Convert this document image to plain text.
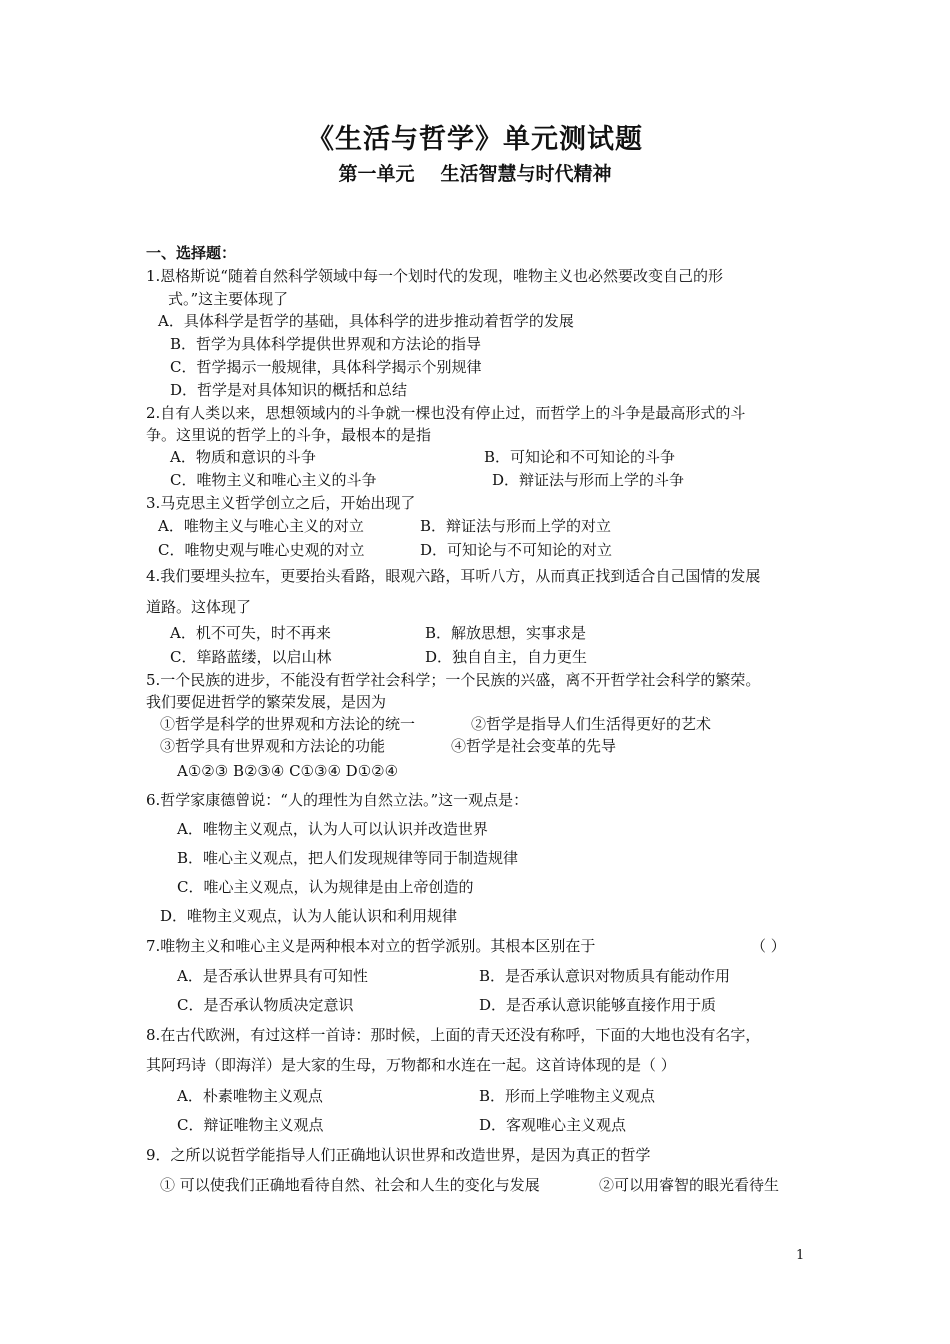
《生活与哲学》单元测试题
第一单元 生活智慧与时代精神
一、选择题：
1.恩格斯说“随着自然科学领域中每一个划时代的发现，唯物主义也必然要改变自己的形
式。”这主要体现了
A．具体科学是哲学的基础，具体科学的进步推动着哲学的发展
B．哲学为具体科学提供世界观和方法论的指导
C．哲学揭示一般规律，具体科学揭示个别规律
D．哲学是对具体知识的概括和总结
2.自有人类以来，思想领域内的斗争就一棵也没有停止过，而哲学上的斗争是最高形式的斗
争。这里说的哲学上的斗争，最根本的是指
A．物质和意识的斗争	B．可知论和不可知论的斗争
C．唯物主义和唯心主义的斗争	D．辩证法与形而上学的斗争
3.马克思主义哲学创立之后，开始出现了
A．唯物主义与唯心主义的对立	B．辩证法与形而上学的对立
C．唯物史观与唯心史观的对立	D．可知论与不可知论的对立
4.我们要埋头拉车，更要抬头看路，眼观六路，耳听八方，从而真正找到适合自己国情的发展
道路。这体现了
A．机不可失，时不再来	B．解放思想，实事求是
C．筚路蓝缕，以启山林	D．独自自主，自力更生
5.一个民族的进步，不能没有哲学社会科学；一个民族的兴盛，离不开哲学社会科学的繁荣。
我们要促进哲学的繁荣发展，是因为
①哲学是科学的世界观和方法论的统一	②哲学是指导人们生活得更好的艺术
③哲学具有世界观和方法论的功能	④哲学是社会变革的先导
A①②③ B②③④ C①③④ D①②④
6.哲学家康德曾说：“人的理性为自然立法。”这一观点是：
A．唯物主义观点，认为人可以认识并改造世界
B．唯心主义观点，把人们发现规律等同于制造规律
C．唯心主义观点，认为规律是由上帝创造的
D．唯物主义观点，认为人能认识和利用规律
7.唯物主义和唯心主义是两种根本对立的哲学派别。其根本区别在于	（ ）
A．是否承认世界具有可知性	B．是否承认意识对物质具有能动作用
C．是否承认物质决定意识	D．是否承认意识能够直接作用于质
8.在古代欧洲，有过这样一首诗：那时候，上面的青天还没有称呼，下面的大地也没有名字，
其阿玛诗（即海洋）是大家的生母，万物都和水连在一起。这首诗体现的是（ ）
A．朴素唯物主义观点	B．形而上学唯物主义观点
C．辩证唯物主义观点	D．客观唯心主义观点
9．之所以说哲学能指导人们正确地认识世界和改造世界，是因为真正的哲学
① 可以使我们正确地看待自然、社会和人生的变化与发展	②可以用睿智的眼光看待生
1
